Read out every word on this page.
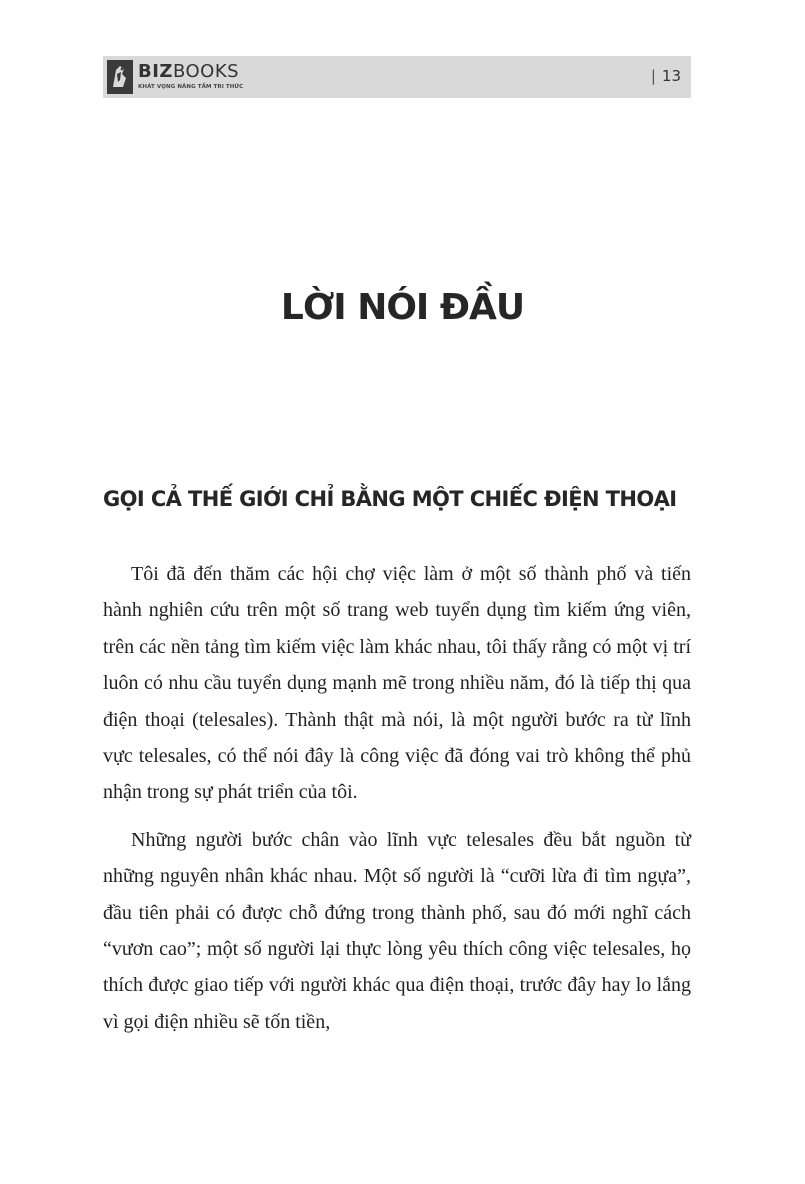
BIZBOOKS
KHÁT VỌNG NÂNG TẦM TRI THỨC
| 13
LỜI NÓI ĐẦU
GỌI CẢ THẾ GIỚI CHỈ BẰNG MỘT CHIẾC ĐIỆN THOẠI

Tôi đã đến thăm các hội chợ việc làm ở một số thành phố và tiến hành nghiên cứu trên một số trang web tuyển dụng tìm kiếm ứng viên, trên các nền tảng tìm kiếm việc làm khác nhau, tôi thấy rằng có một vị trí luôn có nhu cầu tuyển dụng mạnh mẽ trong nhiều năm, đó là tiếp thị qua điện thoại (telesales). Thành thật mà nói, là một người bước ra từ lĩnh vực telesales, có thể nói đây là công việc đã đóng vai trò không thể phủ nhận trong sự phát triển của tôi.

Những người bước chân vào lĩnh vực telesales đều bắt nguồn từ những nguyên nhân khác nhau. Một số người là “cưỡi lừa đi tìm ngựa”, đầu tiên phải có được chỗ đứng trong thành phố, sau đó mới nghĩ cách “vươn cao”; một số người lại thực lòng yêu thích công việc telesales, họ thích được giao tiếp với người khác qua điện thoại, trước đây hay lo lắng vì gọi điện nhiều sẽ tốn tiền,
